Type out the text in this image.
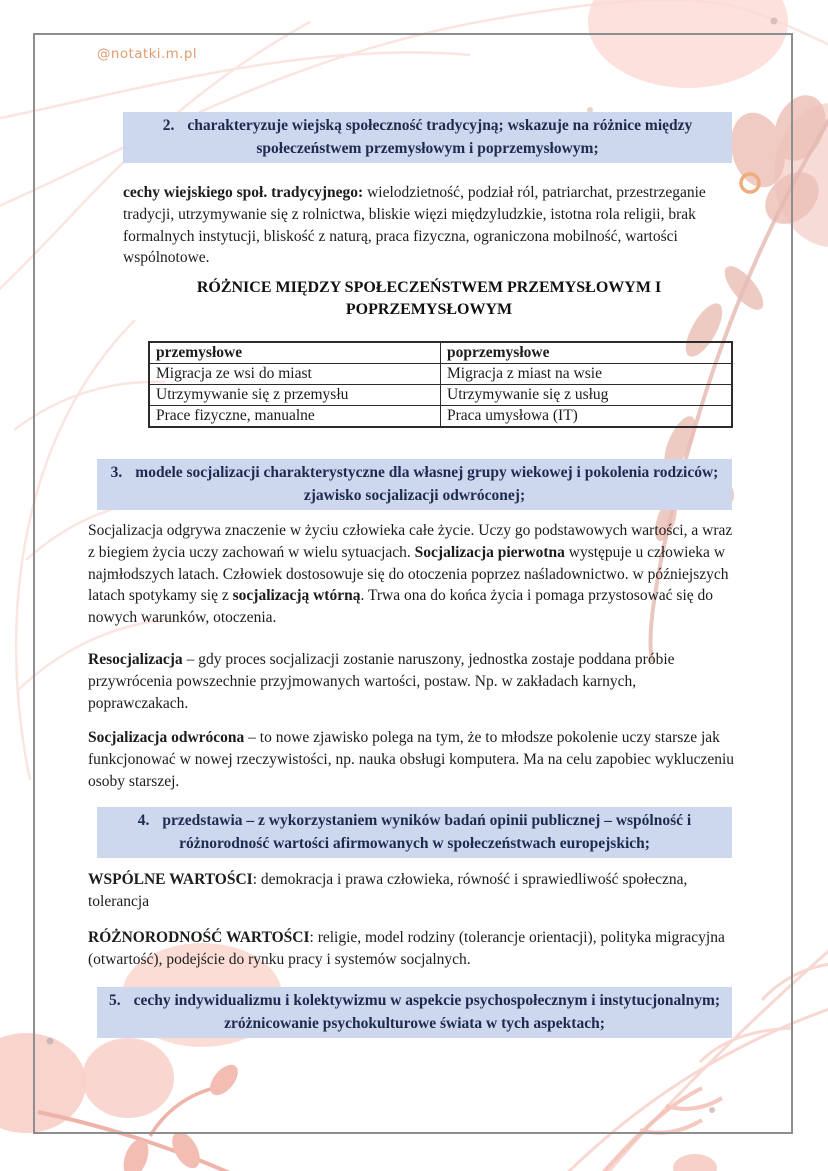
@notatki.m.pl
2. charakteryzuje wiejską społeczność tradycyjną; wskazuje na różnice między
społeczeństwem przemysłowym i poprzemysłowym;
cechy wiejskiego społ. tradycyjnego: wielodzietność, podział ról, patriarchat, przestrzeganie tradycji, utrzymywanie się z rolnictwa, bliskie więzi międzyludzkie, istotna rola religii, brak formalnych instytucji, bliskość z naturą, praca fizyczna, ograniczona mobilność, wartości wspólnotowe.
RÓŻNICE MIĘDZY SPOŁECZEŃSTWEM PRZEMYSŁOWYM I
POPRZEMYSŁOWYM
przemysłowe	poprzemysłowe
Migracja ze wsi do miast	Migracja z miast na wsie
Utrzymywanie się z przemysłu	Utrzymywanie się z usług
Prace fizyczne, manualne	Praca umysłowa (IT)
3. modele socjalizacji charakterystyczne dla własnej grupy wiekowej i pokolenia rodziców;
zjawisko socjalizacji odwróconej;
Socjalizacja odgrywa znaczenie w życiu człowieka całe życie. Uczy go podstawowych wartości, a wraz z biegiem życia uczy zachowań w wielu sytuacjach. Socjalizacja pierwotna występuje u człowieka w najmłodszych latach. Człowiek dostosowuje się do otoczenia poprzez naśladownictwo. w późniejszych latach spotykamy się z socjalizacją wtórną. Trwa ona do końca życia i pomaga przystosować się do nowych warunków, otoczenia.
Resocjalizacja – gdy proces socjalizacji zostanie naruszony, jednostka zostaje poddana próbie przywrócenia powszechnie przyjmowanych wartości, postaw. Np. w zakładach karnych, poprawczakach.
Socjalizacja odwrócona – to nowe zjawisko polega na tym, że to młodsze pokolenie uczy starsze jak funkcjonować w nowej rzeczywistości, np. nauka obsługi komputera. Ma na celu zapobiec wykluczeniu osoby starszej.
4. przedstawia – z wykorzystaniem wyników badań opinii publicznej – wspólność i
różnorodność wartości afirmowanych w społeczeństwach europejskich;
WSPÓLNE WARTOŚCI: demokracja i prawa człowieka, równość i sprawiedliwość społeczna, tolerancja
RÓŻNORODNOŚĆ WARTOŚCI: religie, model rodziny (tolerancje orientacji), polityka migracyjna (otwartość), podejście do rynku pracy i systemów socjalnych.
5. cechy indywidualizmu i kolektywizmu w aspekcie psychospołecznym i instytucjonalnym;
zróżnicowanie psychokulturowe świata w tych aspektach;
